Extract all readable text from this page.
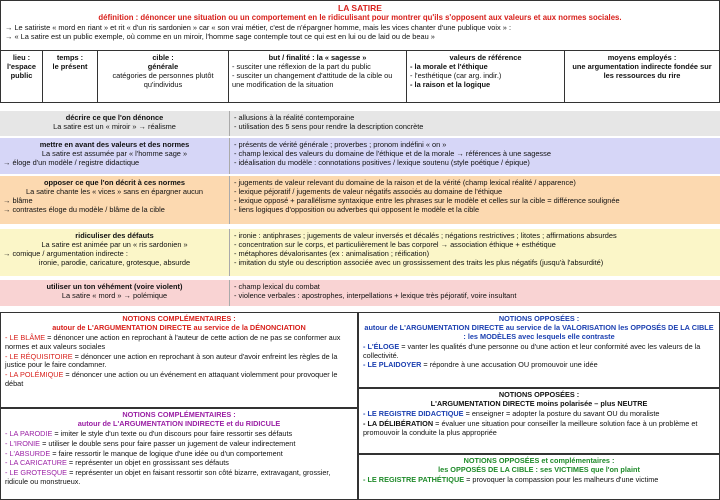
LA SATIRE
définition : dénoncer une situation ou un comportement en le ridiculisant pour montrer qu'ils s'opposent aux valeurs et aux normes sociales.
→ Le satiriste « mord en riant » et rit « d'un ris sardonien » car « son vrai métier, c'est de n'épargner homme, mais les vices chanter d'une publique voix » :
→ « La satire est un public exemple, où comme en un miroir, l'homme sage contemple tout ce qui est en lui ou de laid ou de beau »
lieu :
l'espace public
temps :
le présent
cible :
générale
catégories de personnes plutôt qu'individus
but / finalité : la « sagesse »
- susciter une réflexion de la part du public
- susciter un changement d'attitude de la cible ou
une modification de la situation
valeurs de référence
- la morale et l'éthique
- l'esthétique (car arg. indir.)
- la raison et la logique
moyens employés :
une argumentation indirecte fondée sur les ressources du rire
décrire ce que l'on dénonce
La satire est un « miroir » → réalisme
- allusions à la réalité contemporaine
- utilisation des 5 sens pour rendre la description concrète
mettre en avant des valeurs et des normes
La satire est assumée par « l'homme sage »
→ éloge d'un modèle / registre didactique
- présents de vérité générale ; proverbes ; pronom indéfini « on »
- champ lexical des valeurs du domaine de l'éthique et de la morale → références à une sagesse
- idéalisation du modèle : connotations positives / lexique soutenu (style poétique / épique)
opposer ce que l'on décrit à ces normes
La satire chante les « vices » sans en épargner aucun
→ blâme
→ contrastes éloge du modèle / blâme de la cible
- jugements de valeur relevant du domaine de la raison et de la vérité (champ lexical réalité / apparence)
- lexique péjoratif / jugements de valeur négatifs associés au domaine de l'éthique
- lexique opposé + parallélisme syntaxique entre les phrases sur le modèle et celles sur la cible = différence soulignée
- liens logiques d'opposition ou adverbes qui opposent le modèle et la cible
ridiculiser des défauts
La satire est animée par un « ris sardonien »
→ comique / argumentation indirecte :
ironie, parodie, caricature, grotesque, absurde
- ironie : antiphrases ; jugements de valeur inversés et décalés ; négations restrictives ; litotes ; affirmations absurdes
- concentration sur le corps, et particulièrement le bas corporel → association éthique + esthétique
- métaphores dévalorisantes (ex : animalisation ; réification)
- imitation du style ou description associée avec un grossissement des traits les plus négatifs (jusqu'à l'absurdité)
utiliser un ton véhément (voire violent)
La satire « mord » → polémique
- champ lexical du combat
- violence verbales : apostrophes, interpellations + lexique très péjoratif, voire insultant
NOTIONS COMPLÉMENTAIRES :
autour de L'ARGUMENTATION DIRECTE au service de la DÉNONCIATION

- LE BLÂME = dénoncer une action en reprochant à l'auteur de cette action de ne pas se conformer aux normes et aux valeurs sociales

- LE RÉQUISITOIRE = dénoncer une action en reprochant à son auteur d'avoir enfreint les règles de la justice pour le faire condamner.

- LA POLÉMIQUE = dénoncer une action ou un événement en attaquant violemment pour provoquer le débat

NOTIONS COMPLÉMENTAIRES :
autour de L'ARGUMENTATION INDIRECTE et du RIDICULE

- LA PARODIE = imiter le style d'un texte ou d'un discours pour faire ressortir ses défauts

- L'IRONIE = utiliser le double sens pour faire passer un jugement de valeur indirectement

- L'ABSURDE = faire ressortir le manque de logique d'une idée ou d'un comportement

- LA CARICATURE = représenter un objet en grossissant ses défauts

- LE GROTESQUE = représenter un objet en faisant ressortir son côté bizarre, extravagant, grossier, ridicule ou monstrueux.

NOTIONS OPPOSÉES :
autour de L'ARGUMENTATION DIRECTE au service de la VALORISATION les OPPOSÉS DE LA CIBLE : les MODÈLES avec lesquels elle contraste

- L'ÉLOGE = vanter les qualités d'une personne ou d'une action et leur conformité avec les valeurs de la collectivité.

- LE PLAIDOYER = répondre à une accusation OU promouvoir une idée

NOTIONS OPPOSÉES :
L'ARGUMENTATION DIRECTE moins polarisée – plus NEUTRE

- LE REGISTRE DIDACTIQUE = enseigner = adopter la posture du savant OU du moraliste

- LA DÉLIBÉRATION = évaluer une situation pour conseiller la meilleure solution face à un problème et promouvoir la conduite la plus appropriée

NOTIONS OPPOSÉES et complémentaires :
les OPPOSÉS DE LA CIBLE : ses VICTIMES que l'on plaint

- LE REGISTRE PATHÉTIQUE = provoquer la compassion pour les malheurs d'une victime
